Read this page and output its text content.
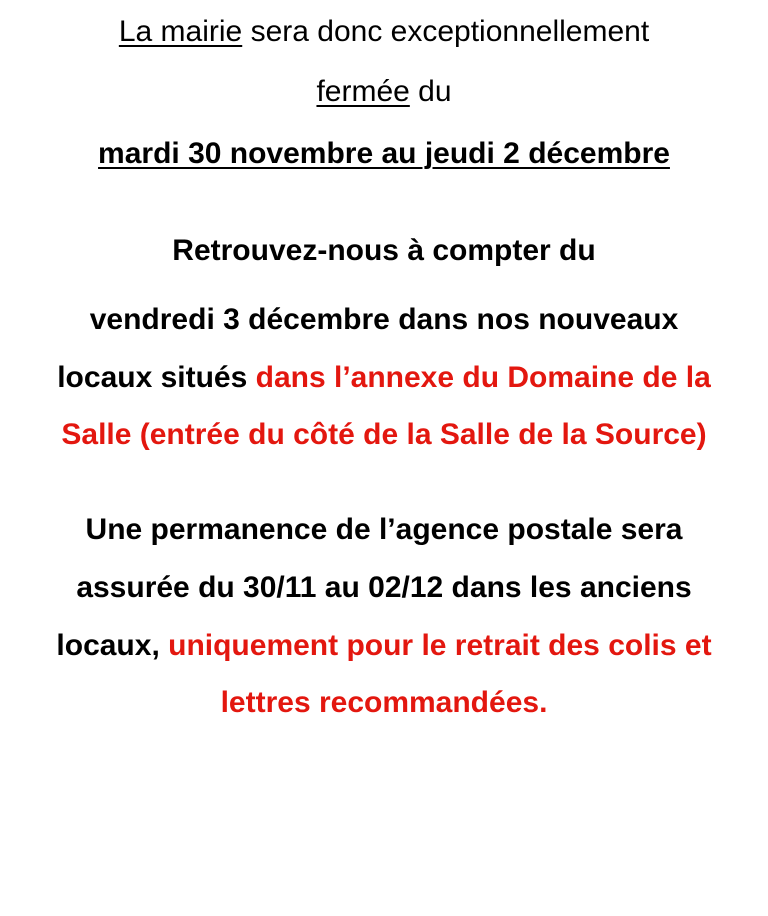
La mairie sera donc exceptionnellement
fermée du
mardi 30 novembre au jeudi 2 décembre
Retrouvez-nous à compter du
vendredi 3 décembre dans nos nouveaux
locaux situés dans l’annexe du Domaine de la
Salle (entrée du côté de la Salle de la Source)
Une permanence de l’agence postale sera
assurée du 30/11 au 02/12 dans les anciens
locaux, uniquement pour le retrait des colis et
lettres recommandées.
